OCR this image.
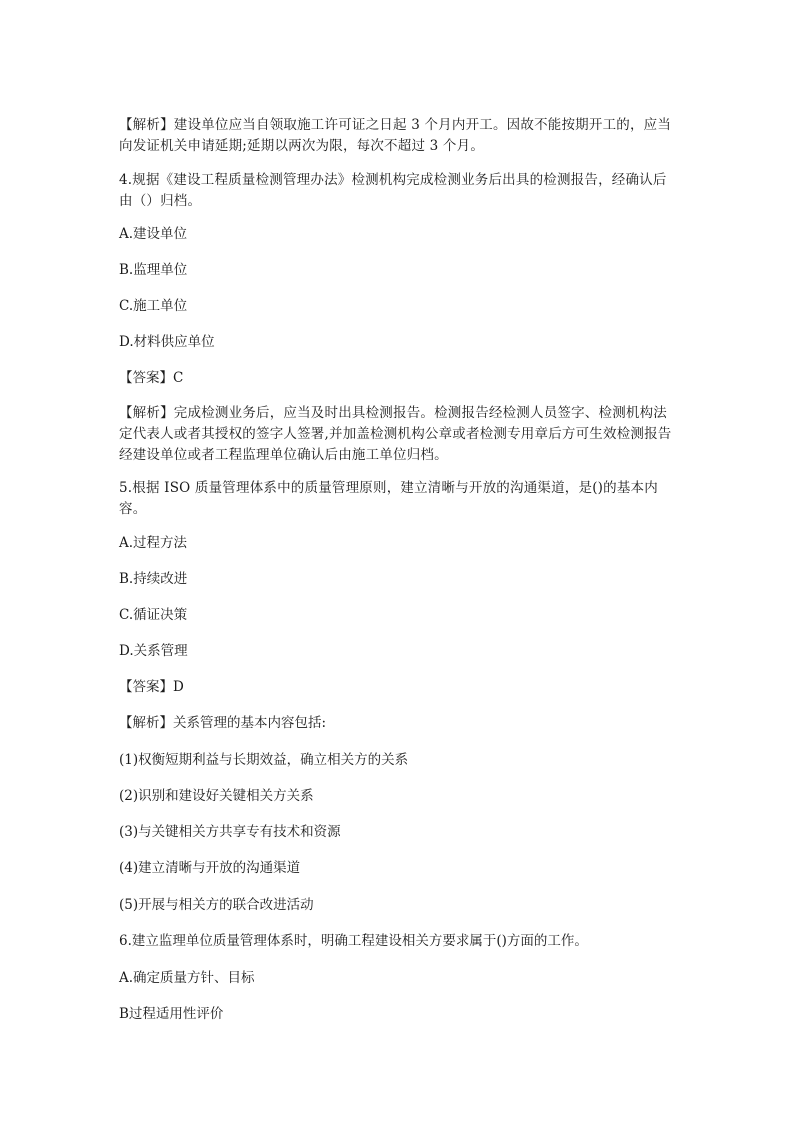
【解析】建设单位应当自领取施工许可证之日起 3 个月内开工。因故不能按期开工的，应当向发证机关申请延期;延期以两次为限，每次不超过 3 个月。
4.规据《建设工程质量检测管理办法》检测机构完成检测业务后出具的检测报告，经确认后由（）归档。
A.建设单位
B.监理单位
C.施工单位
D.材料供应单位
【答案】C
【解析】完成检测业务后，应当及时出具检测报告。检测报告经检测人员签字、检测机构法定代表人或者其授权的签字人签署,并加盖检测机构公章或者检测专用章后方可生效检测报告经建设单位或者工程监理单位确认后由施工单位归档。
5.根据 ISO 质量管理体系中的质量管理原则，建立清晰与开放的沟通渠道，是()的基本内容。
A.过程方法
B.持续改进
C.循证决策
D.关系管理
【答案】D
【解析】关系管理的基本内容包括:
(1)权衡短期利益与长期效益，确立相关方的关系
(2)识别和建设好关键相关方关系
(3)与关键相关方共享专有技术和资源
(4)建立清晰与开放的沟通渠道
(5)开展与相关方的联合改进活动
6.建立监理单位质量管理体系时，明确工程建设相关方要求属于()方面的工作。
A.确定质量方针、目标
B过程适用性评价
